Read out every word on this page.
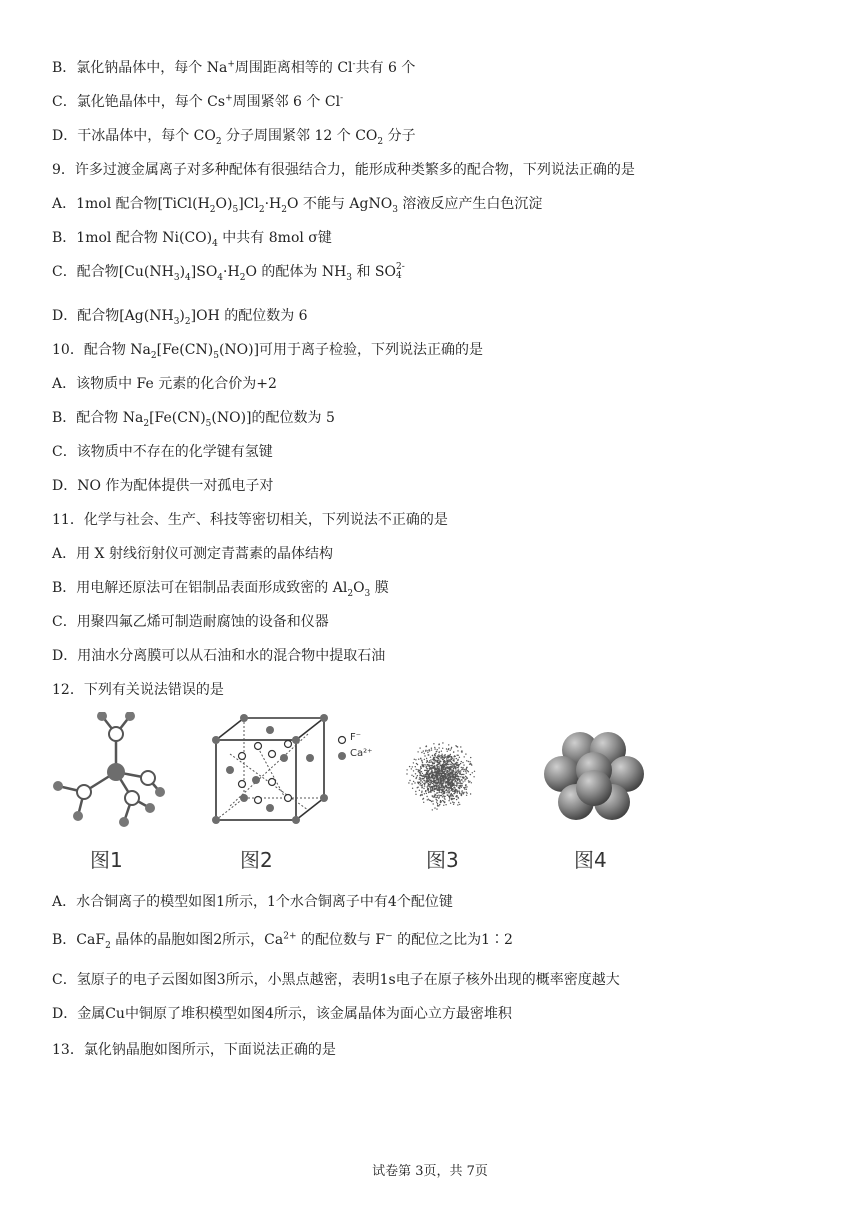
B．氯化钠晶体中，每个 Na+周围距离相等的 Cl-共有 6 个
C．氯化铯晶体中，每个 Cs+周围紧邻 6 个 Cl-
D．干冰晶体中，每个 $CO_2$ 分子周围紧邻 12 个 $CO_2$ 分子
9．许多过渡金属离子对多种配体有很强结合力，能形成种类繁多的配合物，下列说法正确的是
A．1mol 配合物$[TiCl(H_2O)_5]Cl_2\cdot H_2O$ 不能与 AgNO$_3$ 溶液反应产生白色沉淀
B．1mol 配合物 $Ni(CO)_4$ 中共有 8mol σ键
C．配合物$[Cu(NH_3)_4]SO_4\cdot H_2O$ 的配体为 $NH_3$ 和 SO 2-
4
D．配合物$[Ag(NH_3)_2]OH$ 的配位数为 6
10．配合物 $Na_2[Fe(CN)_5(NO)]$可用于离子检验，下列说法正确的是
A．该物质中 Fe 元素的化合价为+2
B．配合物 $Na_2[Fe(CN)_5(NO)]$的配位数为 5
C．该物质中不存在的化学键有氢键
D．NO 作为配体提供一对孤电子对
11．化学与社会、生产、科技等密切相关，下列说法不正确的是
A．用 X 射线衍射仪可测定青蒿素的晶体结构
B．用电解还原法可在铝制品表面形成致密的 $Al_2O_3$ 膜
C．用聚四氟乙烯可制造耐腐蚀的设备和仪器
D．用油水分离膜可以从石油和水的混合物中提取石油
12．下列有关说法错误的是
A．水合铜离子的模型如图1所示，1个水合铜离子中有4个配位键
B．CaF$_2$ 晶体的晶胞如图2所示，$Ca^{2+}$ 的配位数与 F− 的配位之比为1∶2
C．氢原子的电子云图如图3所示，小黑点越密，表明1s电子在原子核外出现的概率密度越大
D．金属Cu中铜原了堆积模型如图4所示，该金属晶体为面心立方最密堆积
13．氯化钠晶胞如图所示，下面说法正确的是
F⁻
Ca²⁺
图1	图2	图3	图4
试卷第 3页，共 7页
